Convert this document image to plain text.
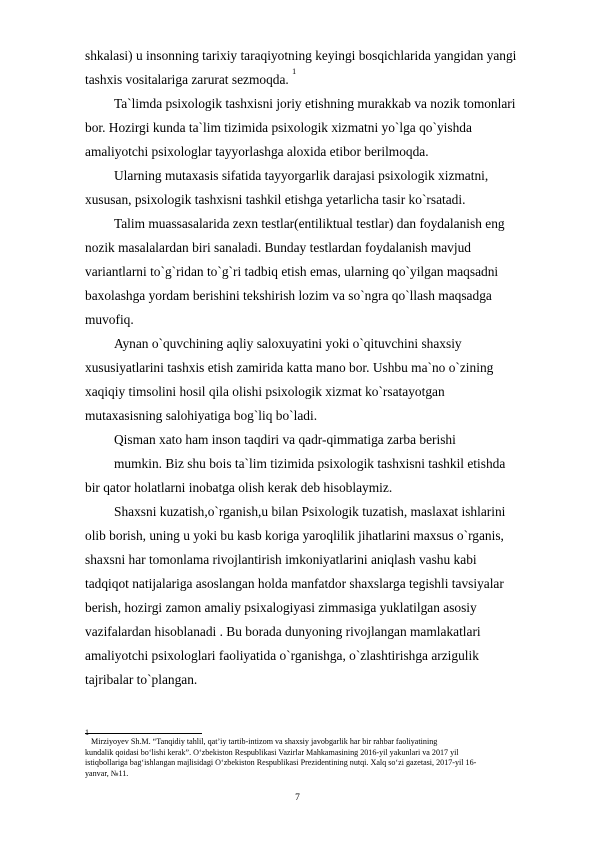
shkalasi) u insonning tarixiy taraqiyotning keyingi bosqichlarida yangidan yangi
tashxis vositalariga zarurat sezmoqda. $^1$
Ta`limda psixologik tashxisni joriy etishning murakkab va nozik tomonlari
bor. Hozirgi kunda ta`lim tizimida psixologik xizmatni yo`lga qo`yishda
amaliyotchi psixologlar tayyorlashga aloxida etibor berilmoqda.
Ularning mutaxasis sifatida tayyorgarlik darajasi psixologik xizmatni,
xususan, psixologik tashxisni tashkil etishga yetarlicha tasir ko`rsatadi.
Talim muassasalarida zexn testlar(entiliktual testlar) dan foydalanish eng
nozik masalalardan biri sanaladi. Bunday testlardan foydalanish mavjud
variantlarni to`g`ridan to`g`ri tadbiq etish emas, ularning qo`yilgan maqsadni
baxolashga yordam berishini tekshirish lozim va so`ngra qo`llash maqsadga
muvofiq.
Aynan o`quvchining aqliy saloxuyatini yoki o`qituvchini shaxsiy
xususiyatlarini tashxis etish zamirida katta mano bor. Ushbu ma`no o`zining
xaqiqiy timsolini hosil qila olishi psixologik xizmat ko`rsatayotgan
mutaxasisning salohiyatiga bog`liq bo`ladi.
Qisman xato ham inson taqdiri va qadr-qimmatiga zarba berishi
mumkin. Biz shu bois ta`lim tizimida psixologik tashxisni tashkil etishda
bir qator holatlarni inobatga olish kerak deb hisoblaymiz.
Shaxsni kuzatish,o`rganish,u bilan Psixologik tuzatish, maslaxat ishlarini
olib borish, uning u yoki bu kasb koriga yaroqlilik jihatlarini maxsus o`rganis,
shaxsni har tomonlama rivojlantirish imkoniyatlarini aniqlash vashu kabi
tadqiqot natijalariga asoslangan holda manfatdor shaxslarga tegishli tavsiyalar
berish, hozirgi zamon amaliy psixalogiyasi zimmasiga yuklatilgan asosiy
vazifalardan hisoblanadi . Bu borada dunyoning rivojlangan mamlakatlari
amaliyotchi psixologlari faoliyatida o`rganishga, o`zlashtirishga arzigulik
tajribalar to`plangan.
$^1$ Mirziyoyev Sh.M. “Tanqidiy tahlil, qat’iy tartib-intizom va shaxsiy javobgarlik har bir rahbar faoliyatining
kundalik qoidasi bo‘lishi kerak”. O‘zbekiston Respublikasi Vazirlar Mahkamasining 2016-yil yakunlari va 2017 yil
istiqbollariga bag‘ishlangan majlisidagi O‘zbekiston Respublikasi Prezidentining nutqi. Xalq so‘zi gazetasi, 2017-yil 16-
yanvar, №11.
7
